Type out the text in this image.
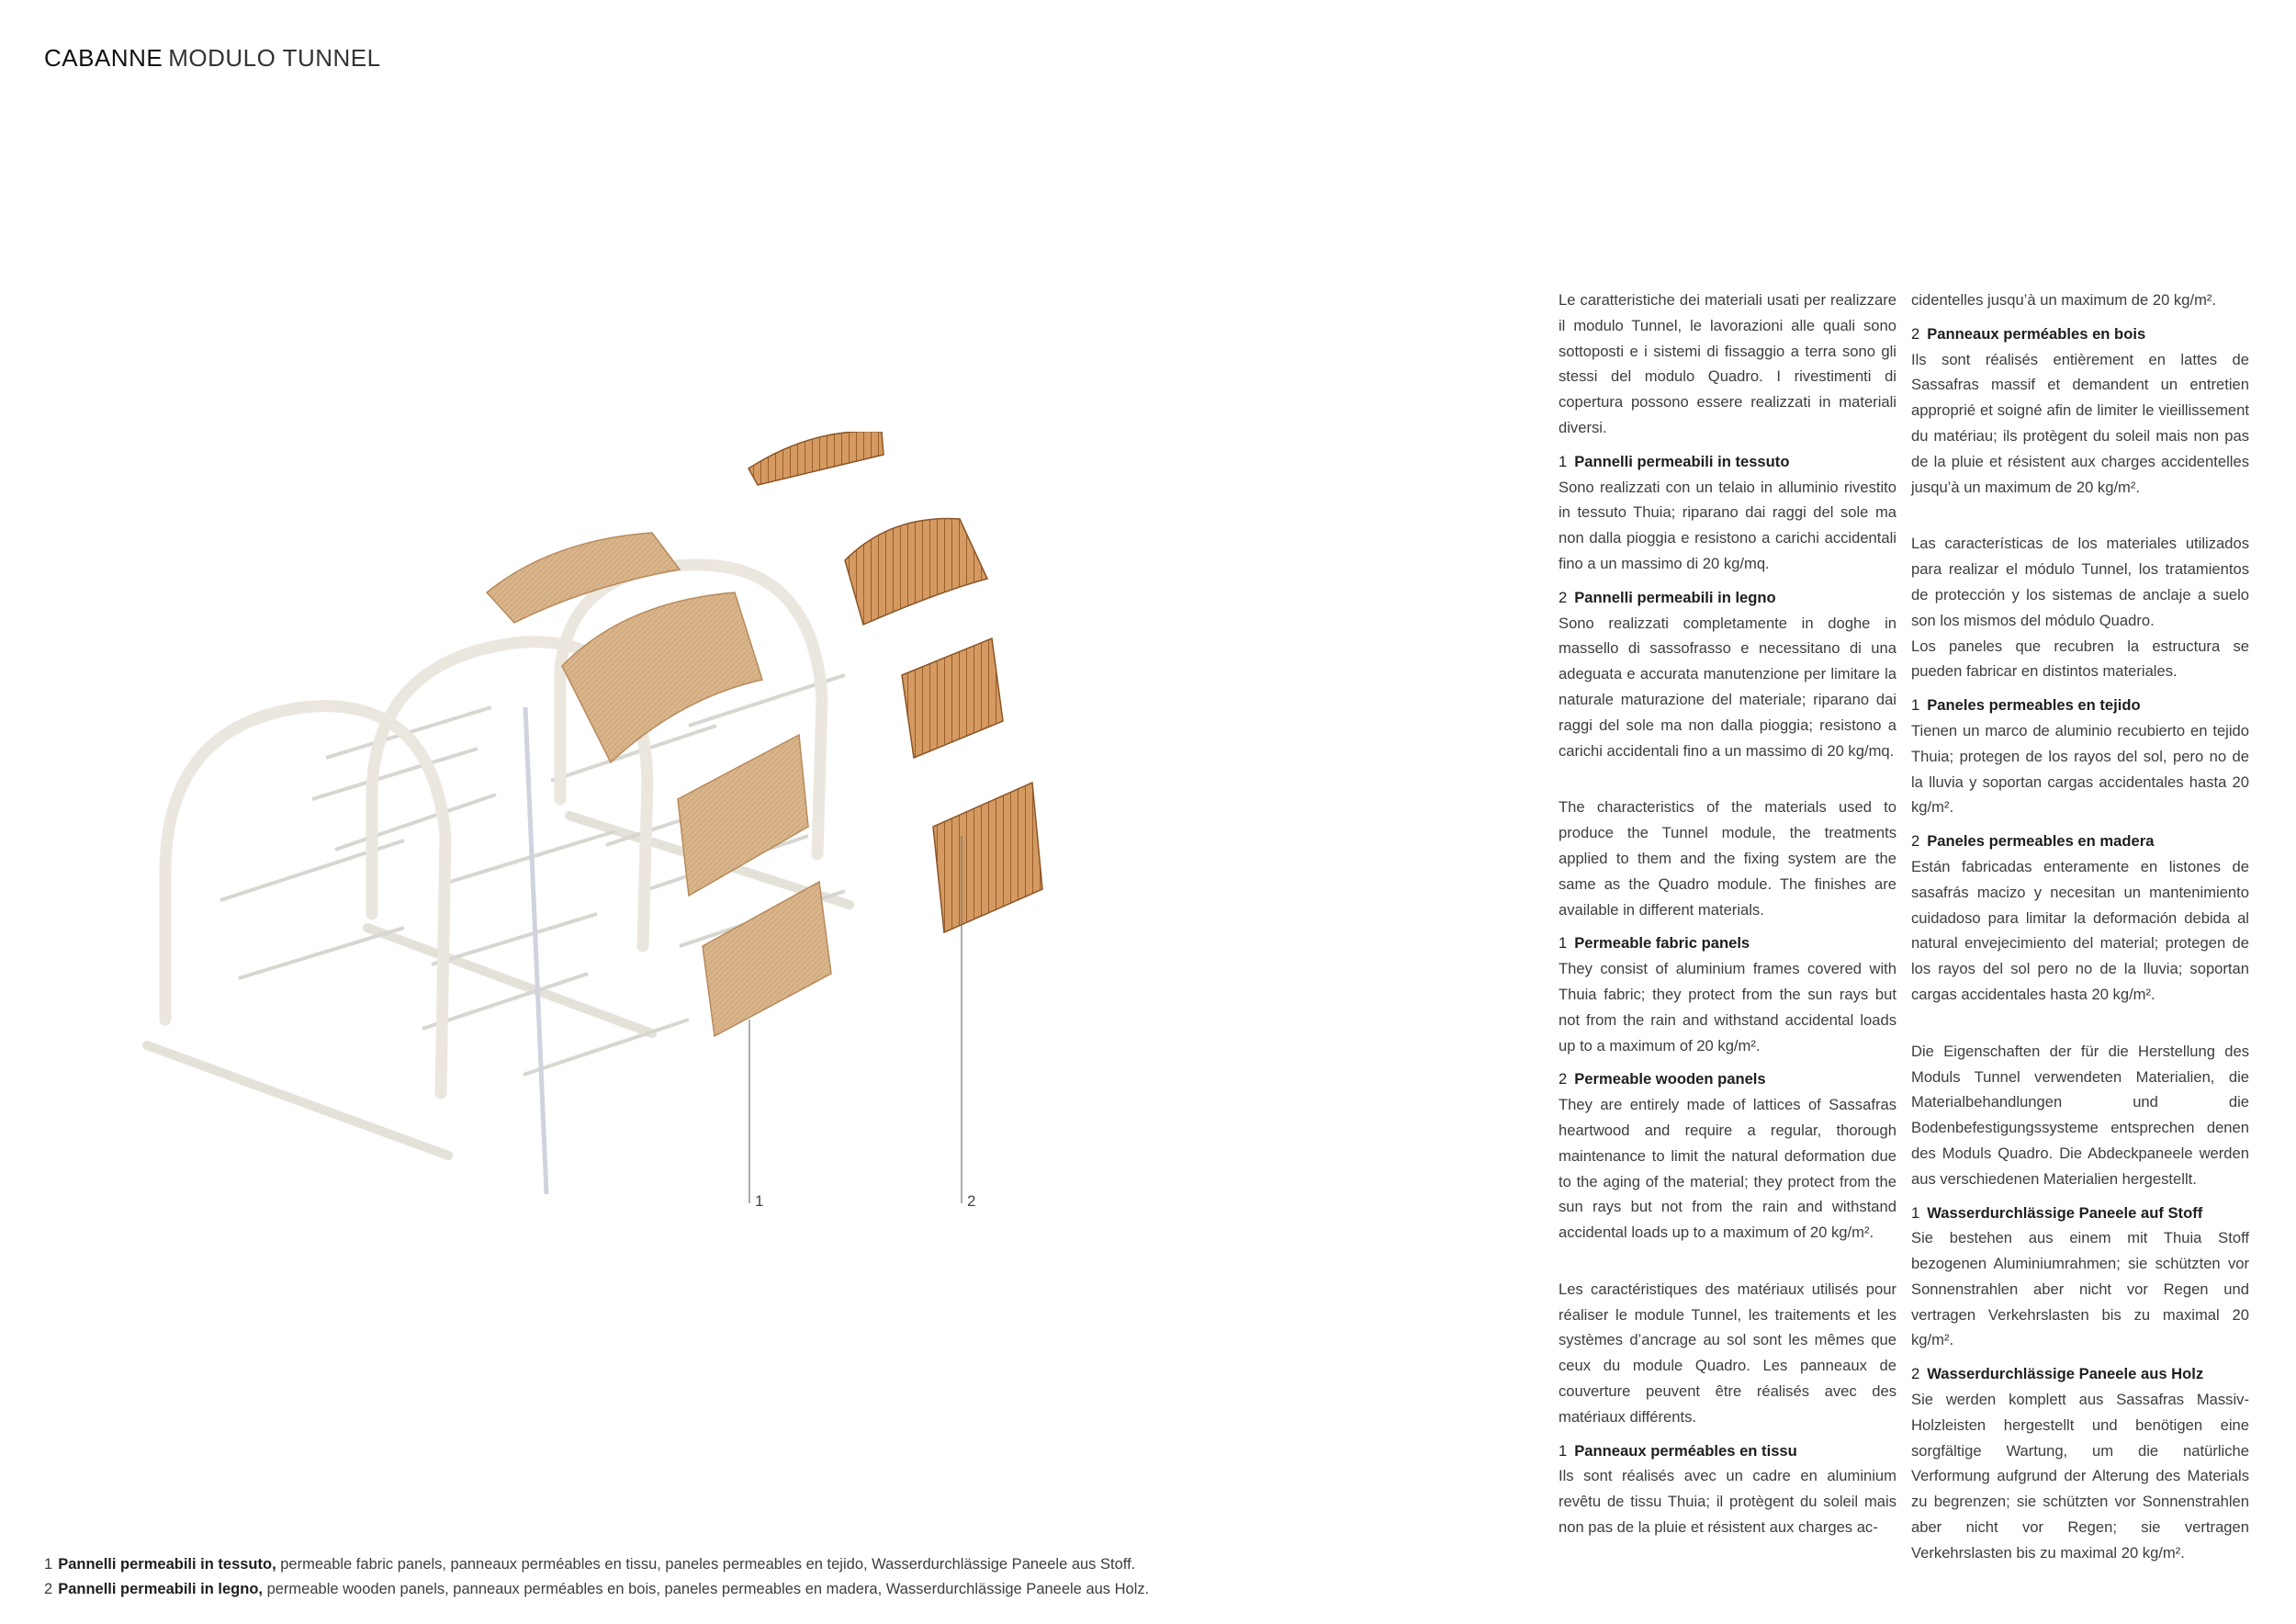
CABANNE MODULO TUNNEL
1	2

Le caratteristiche dei materiali usati per realizzare il modulo Tunnel, le lavorazioni alle quali sono sottoposti e i sistemi di fissaggio a terra sono gli stessi del modulo Quadro. I rivestimenti di copertura possono essere realizzati in materiali diversi.

1 Pannelli permeabili in tessuto

Sono realizzati con un telaio in alluminio rivestito in tessuto Thuia; riparano dai raggi del sole ma non dalla pioggia e resistono a carichi accidentali fino a un massimo di 20 kg/mq.

2 Pannelli permeabili in legno

Sono realizzati completamente in doghe in massello di sassofrasso e necessitano di una adeguata e accurata manutenzione per limitare la naturale maturazione del materiale; riparano dai raggi del sole ma non dalla pioggia; resistono a carichi accidentali fino a un massimo di 20 kg/mq.

The characteristics of the materials used to produce the Tunnel module, the treatments applied to them and the fixing system are the same as the Quadro module. The finishes are available in different materials.

1 Permeable fabric panels

They consist of aluminium frames covered with Thuia fabric; they protect from the sun rays but not from the rain and withstand accidental loads up to a maximum of 20 kg/m².

2 Permeable wooden panels

They are entirely made of lattices of Sassafras heartwood and require a regular, thorough maintenance to limit the natural deformation due to the aging of the material; they protect from the sun rays but not from the rain and withstand accidental loads up to a maximum of 20 kg/m².

Les caractéristiques des matériaux utilisés pour réaliser le module Tunnel, les traitements et les systèmes d’ancrage au sol sont les mêmes que ceux du module Quadro. Les panneaux de couverture peuvent être réalisés avec des matériaux différents.

1 Panneaux perméables en tissu

Ils sont réalisés avec un cadre en aluminium revêtu de tissu Thuia; il protègent du soleil mais non pas de la pluie et résistent aux charges ac-

cidentelles jusqu’à un maximum de 20 kg/m².

2 Panneaux perméables en bois

Ils sont réalisés entièrement en lattes de Sassafras massif et demandent un entretien approprié et soigné afin de limiter le vieillissement du matériau; ils protègent du soleil mais non pas de la pluie et résistent aux charges accidentelles jusqu’à un maximum de 20 kg/m².

Las características de los materiales utilizados para realizar el módulo Tunnel, los tratamientos de protección y los sistemas de anclaje a suelo son los mismos del módulo Quadro.

Los paneles que recubren la estructura se pueden fabricar en distintos materiales.

1 Paneles permeables en tejido

Tienen un marco de aluminio recubierto en tejido Thuia; protegen de los rayos del sol, pero no de la lluvia y soportan cargas accidentales hasta 20 kg/m².

2 Paneles permeables en madera

Están fabricadas enteramente en listones de sasafrás macizo y necesitan un mantenimiento cuidadoso para limitar la deformación debida al natural envejecimiento del material; protegen de los rayos del sol pero no de la lluvia; soportan cargas accidentales hasta 20 kg/m².

Die Eigenschaften der für die Herstellung des Moduls Tunnel verwendeten Materialien, die Materialbehandlungen und die Bodenbefestigungssysteme entsprechen denen des Moduls Quadro. Die Abdeckpaneele werden aus verschiedenen Materialien hergestellt.

1 Wasserdurchlässige Paneele auf Stoff

Sie bestehen aus einem mit Thuia Stoff bezogenen Aluminiumrahmen; sie schützten vor Sonnenstrahlen aber nicht vor Regen und vertragen Verkehrslasten bis zu maximal 20 kg/m².

2 Wasserdurchlässige Paneele aus Holz

Sie werden komplett aus Sassafras Massiv-Holzleisten hergestellt und benötigen eine sorgfältige Wartung, um die natürliche Verformung aufgrund der Alterung des Materials zu begrenzen; sie schützten vor Sonnenstrahlen aber nicht vor Regen; sie vertragen Verkehrslasten bis zu maximal 20 kg/m².

1 Pannelli permeabili in tessuto, permeable fabric panels, panneaux perméables en tissu, paneles permeables en tejido, Wasserdurchlässige Paneele aus Stoff.
2 Pannelli permeabili in legno, permeable wooden panels, panneaux perméables en bois, paneles permeables en madera, Wasserdurchlässige Paneele aus Holz.
